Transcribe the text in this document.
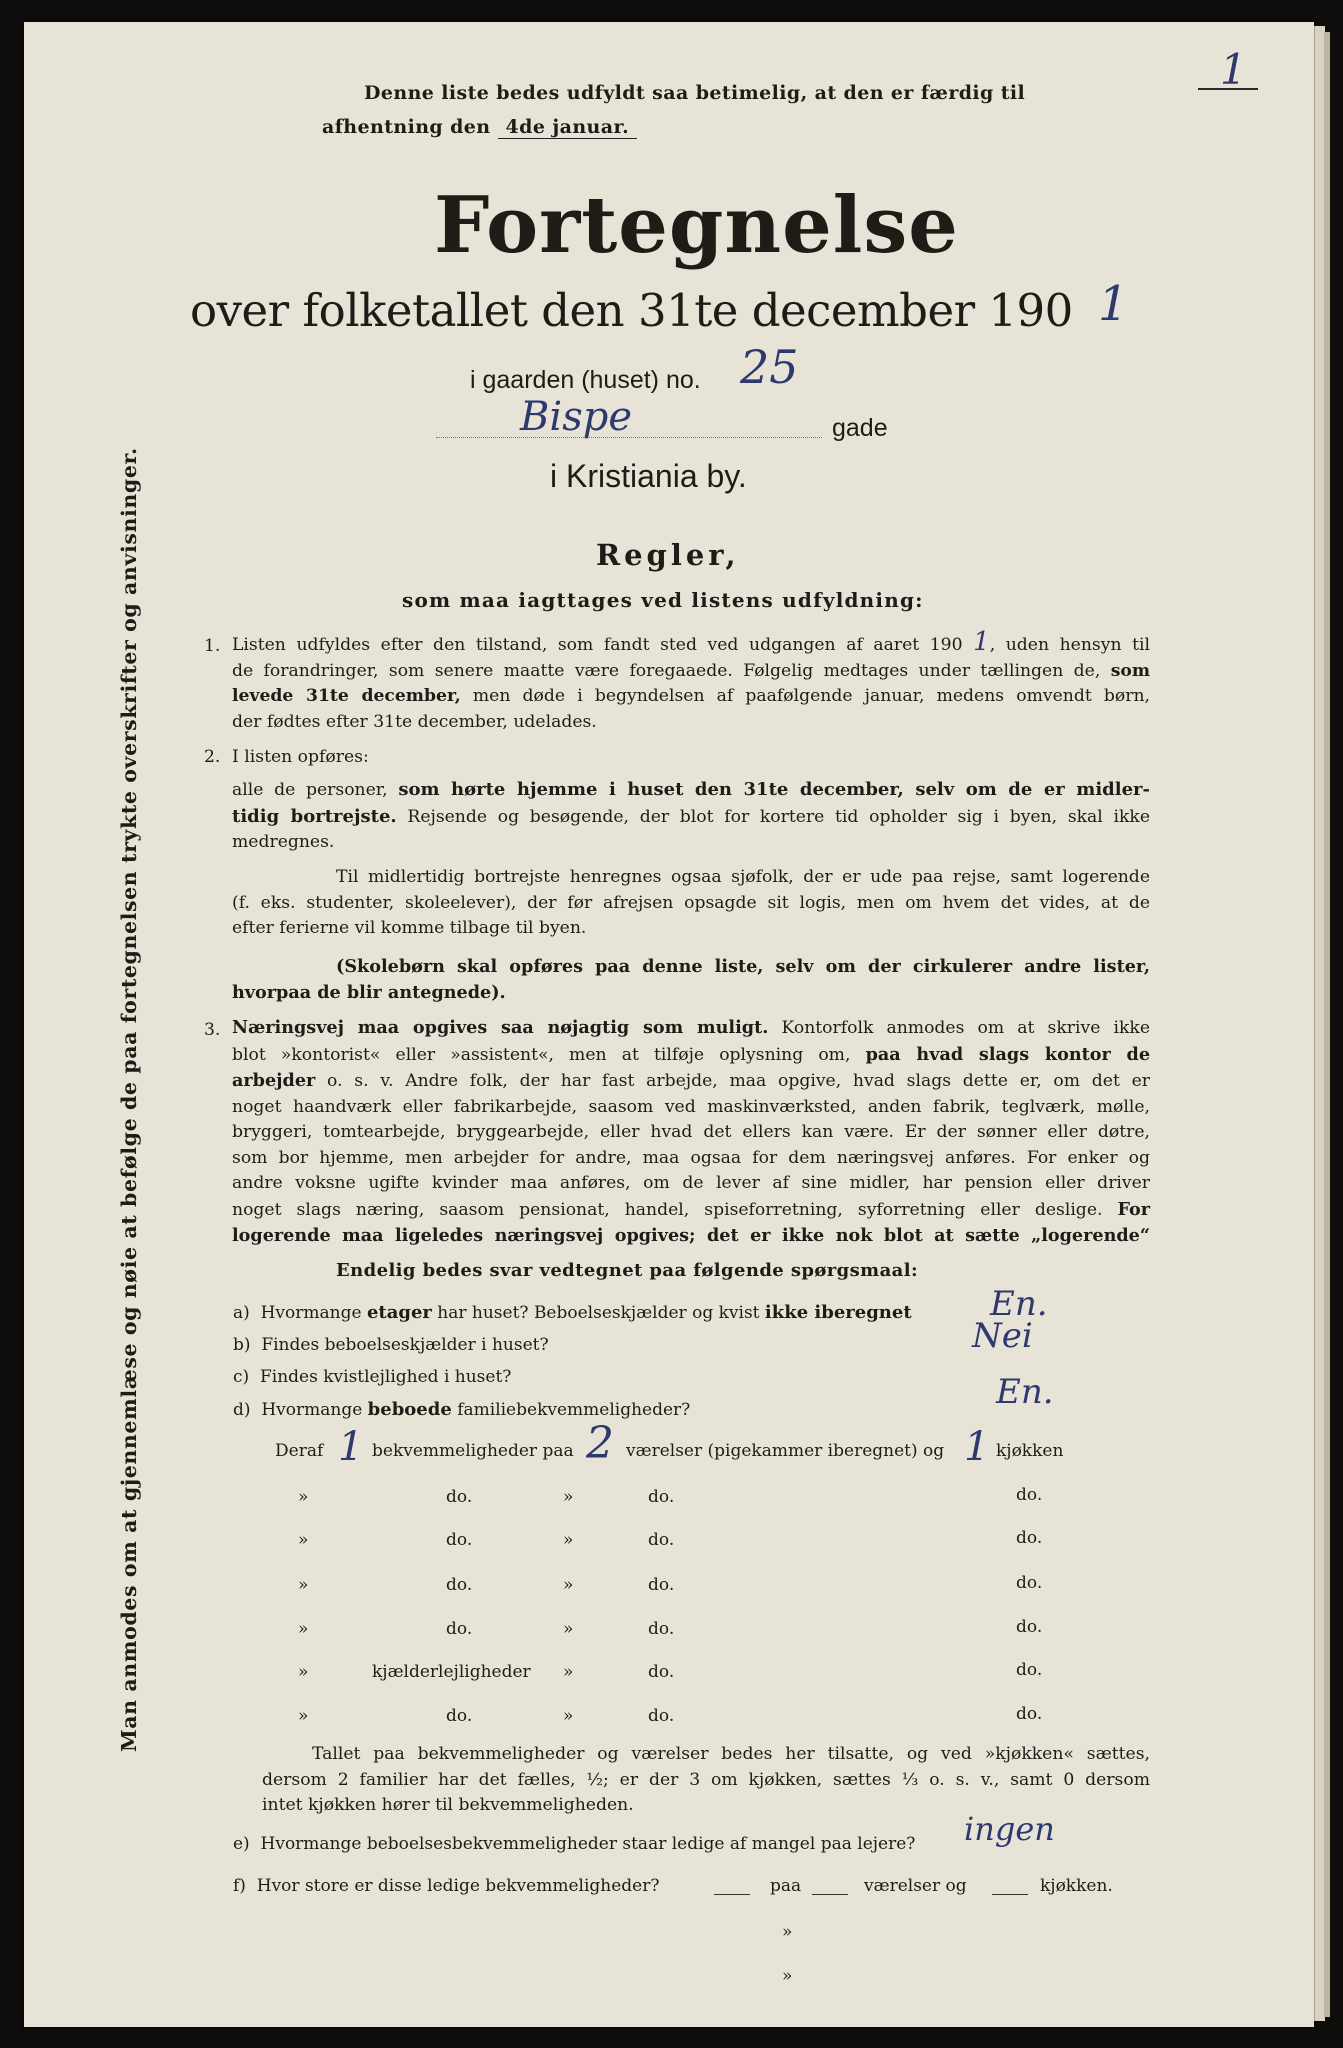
1
Denne liste bedes udfyldt saa betimelig, at den er færdig til
afhentning den 4de januar.
Fortegnelse
over folketallet den 31te december 190 1
i gaarden (huset) no. 25
Bispe	gade
i Kristiania by.
Man anmodes om at gjennemlæse og nøie at befølge de paa fortegnelsen trykte overskrifter og anvisninger.	Regler,
som maa iagttages ved listens udfyldning:
1. Listen udfyldes efter den tilstand, som fandt sted ved udgangen af aaret 190 1, uden hensyn til
de forandringer, som senere maatte være foregaaede. Følgelig medtages under tællingen de, som
levede 31te december, men døde i begyndelsen af paafølgende januar, medens omvendt børn,
der fødtes efter 31te december, udelades.
2. I listen opføres:
alle de personer, som hørte hjemme i huset den 31te december, selv om de er midler-
tidig bortrejste. Rejsende og besøgende, der blot for kortere tid opholder sig i byen, skal ikke
medregnes.
Til midlertidig bortrejste henregnes ogsaa sjøfolk, der er ude paa rejse, samt logerende
(f. eks. studenter, skoleelever), der før afrejsen opsagde sit logis, men om hvem det vides, at de
efter ferierne vil komme tilbage til byen.
(Skolebørn skal opføres paa denne liste, selv om der cirkulerer andre lister,
hvorpaa de blir antegnede).
3. Næringsvej maa opgives saa nøjagtig som muligt. Kontorfolk anmodes om at skrive ikke
blot »kontorist« eller »assistent«, men at tilføje oplysning om, paa hvad slags kontor de
arbejder o. s. v. Andre folk, der har fast arbejde, maa opgive, hvad slags dette er, om det er
noget haandværk eller fabrikarbejde, saasom ved maskinværksted, anden fabrik, teglværk, mølle,
bryggeri, tomtearbejde, bryggearbejde, eller hvad det ellers kan være. Er der sønner eller døtre,
som bor hjemme, men arbejder for andre, maa ogsaa for dem næringsvej anføres. For enker og
andre voksne ugifte kvinder maa anføres, om de lever af sine midler, har pension eller driver
noget slags næring, saasom pensionat, handel, spiseforretning, syforretning eller deslige. For
logerende maa ligeledes næringsvej opgives; det er ikke nok blot at sætte „logerende“
Endelig bedes svar vedtegnet paa følgende spørgsmaal:
a) Hvormange etager har huset? Beboelseskjælder og kvist ikke iberegnet En.
b) Findes beboelseskjælder i huset?	Nei
c) Findes kvistlejlighed i huset?	En.
d) Hvormange beboede familiebekvemmeligheder?
Deraf 1 bekvemmeligheder paa 2 værelser (pigekammer iberegnet) og 1 kjøkken
»	do.	»	do.	do.
»	do.	»	do.	do.
»	do.	»	do.	do.
»	do.	»	do.	do.
»	kjælderlejligheder »	do.	do.
»	do.	»	do.	do.
Tallet paa bekvemmeligheder og værelser bedes her tilsatte, og ved »kjøkken« sættes,
dersom 2 familier har det fælles, ½; er der 3 om kjøkken, sættes ⅓ o. s. v., samt 0 dersom
intet kjøkken hører til bekvemmeligheden.
e) Hvormange beboelsesbekvemmeligheder staar ledige af mangel paa lejere? ingen
f) Hvor store er disse ledige bekvemmeligheder?	paa	værelser og	kjøkken.
»
»
